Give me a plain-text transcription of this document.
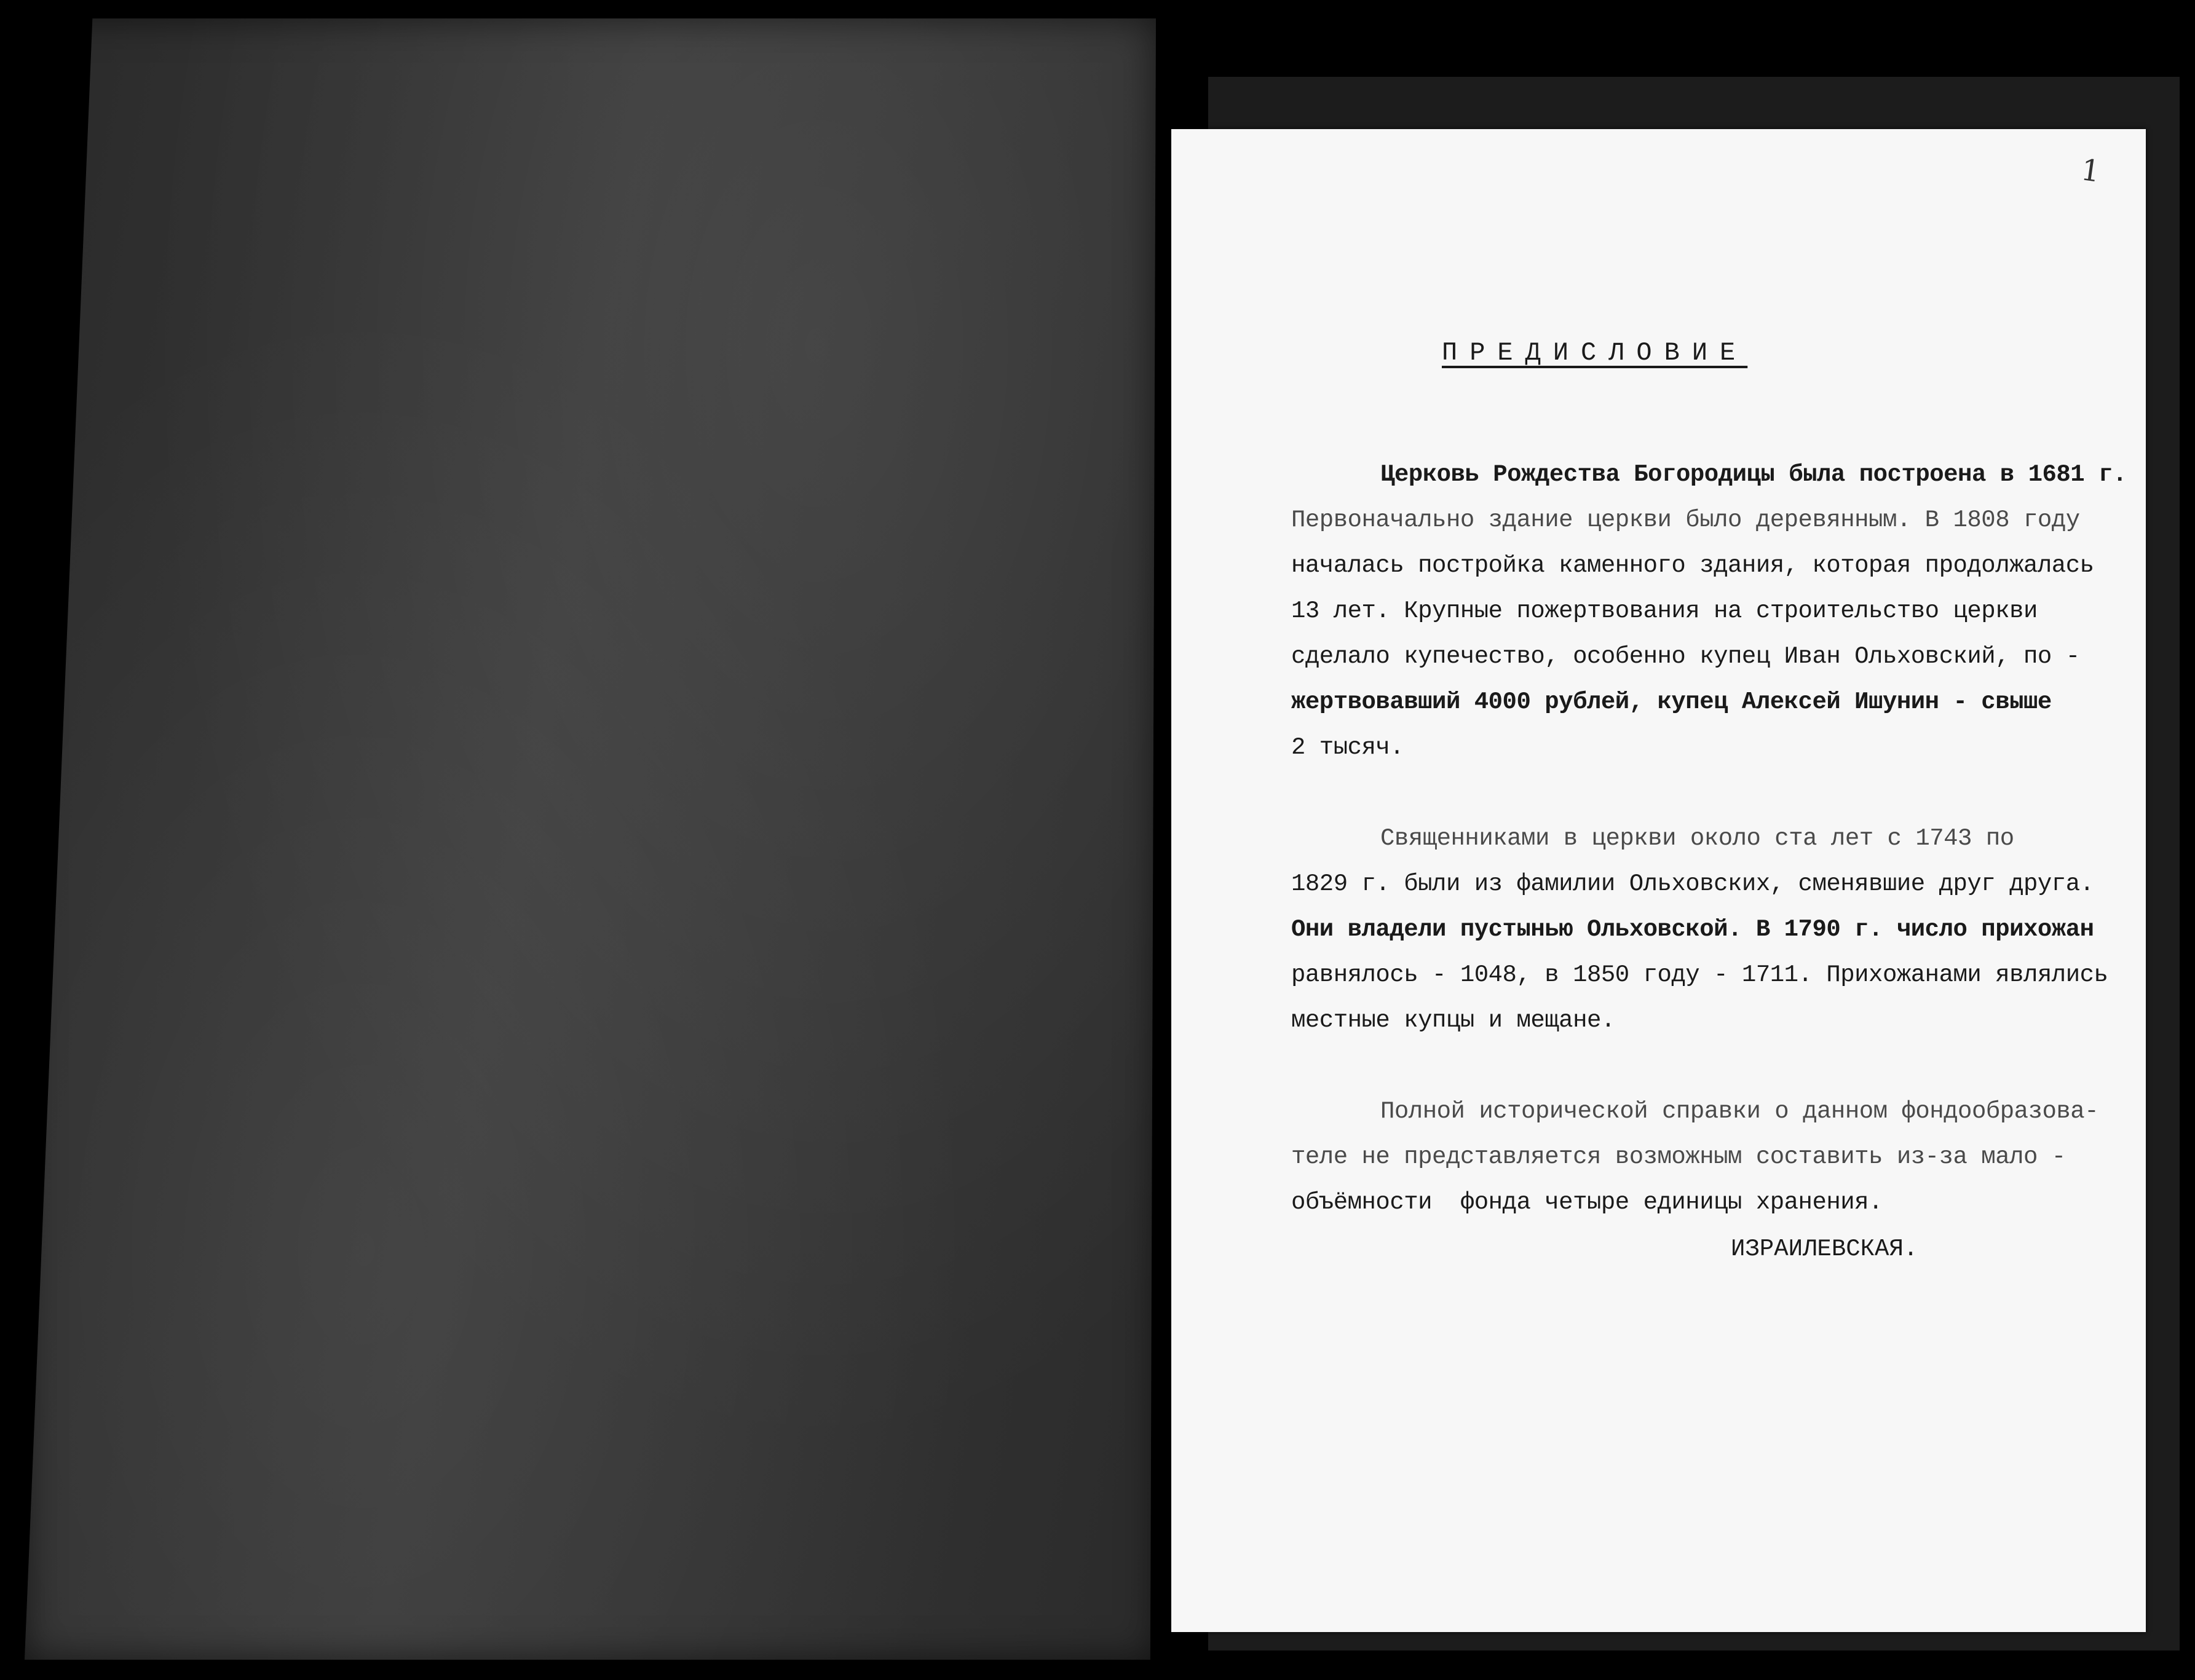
1
ПРЕДИСЛОВИЕ

Церковь Рождества Богородицы была построена в 1681 г.
Первоначально здание церкви было деревянным. В 1808 году
началась постройка каменного здания, которая продолжалась
13 лет. Крупные пожертвования на строительство церкви
сделало купечество, особенно купец Иван Ольховский, по -
жертвовавший 4000 рублей, купец Алексей Ишунин - свыше
2 тысяч.

Священниками в церкви около ста лет с 1743 по
1829 г. были из фамилии Ольховских, сменявшие друг друга.
Они владели пустынью Ольховской. В 1790 г. число прихожан
равнялось - 1048, в 1850 году - 1711. Прихожанами являлись
местные купцы и мещане.

Полной исторической справки о данном фондообразова-
теле не представляется возможным составить из-за мало -
объёмности  фонда четыре единицы хранения.

ИЗРАИЛЕВСКАЯ.
